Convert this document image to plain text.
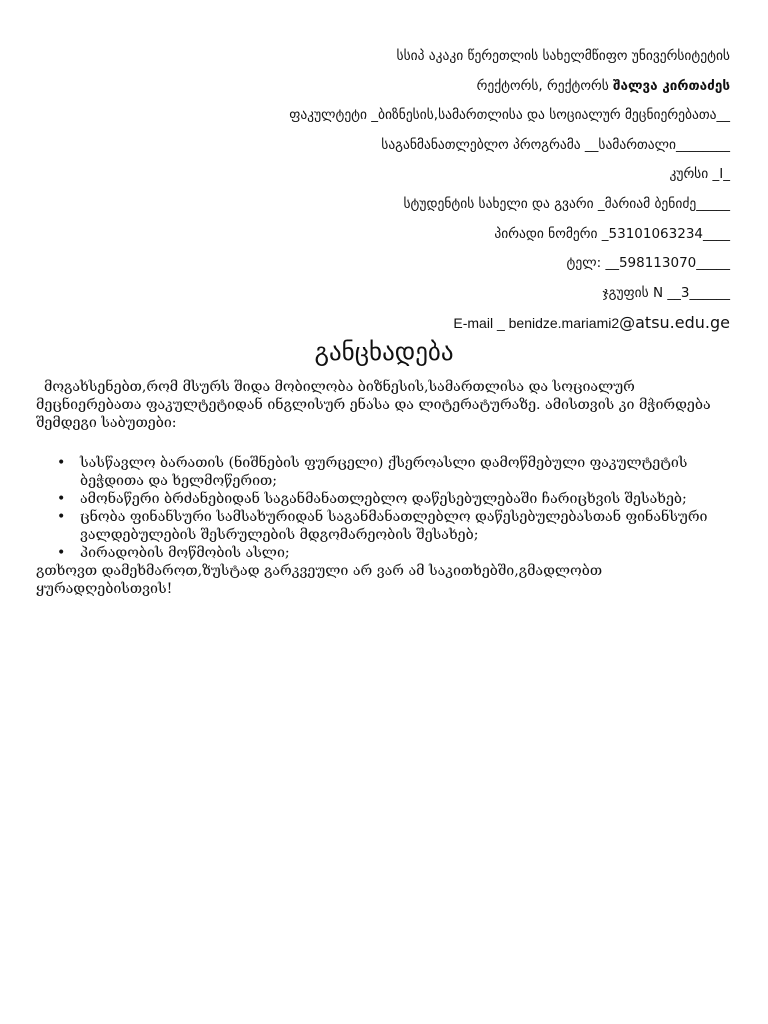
სსიპ აკაკი წერეთლის სახელმწიფო უნივერსიტეტის
რექტორს, რექტორს შალვა კირთაძეს
ფაკულტეტი _ბიზნესის,სამართლისა და სოციალურ მეცნიერებათა__
საგანმანათლებლო პროგრამა __სამართალი________
კურსი _I_
სტუდენტის სახელი და გვარი _მარიამ ბენიძე_____
პირადი ნომერი _53101063234____
ტელ: __598113070_____
ჯგუფის N __3______
E-mail _ benidze.mariami2@atsu.edu.ge
განცხადება

მოგახსენებთ,რომ მსურს შიდა მობილობა ბიზნესის,სამართლისა და სოციალურ მეცნიერებათა ფაკულტეტიდან ინგლისურ ენასა და ლიტერატურაზე. ამისთვის კი მჭირდება შემდეგი საბუთები:

• სასწავლო ბარათის (ნიშნების ფურცელი) ქსეროასლი დამოწმებული ფაკულტეტის ბეჭდითა და ხელმოწერით;
• ამონაწერი ბრძანებიდან საგანმანათლებლო დაწესებულებაში ჩარიცხვის შესახებ;
• ცნობა ფინანსური სამსახურიდან საგანმანათლებლო დაწესებულებასთან ფინანსური ვალდებულების შესრულების მდგომარეობის შესახებ;
• პირადობის მოწმობის ასლი;

გთხოვთ დამეხმაროთ,ზუსტად გარკვეული არ ვარ ამ საკითხებში,გმადლობთ ყურადღებისთვის!
